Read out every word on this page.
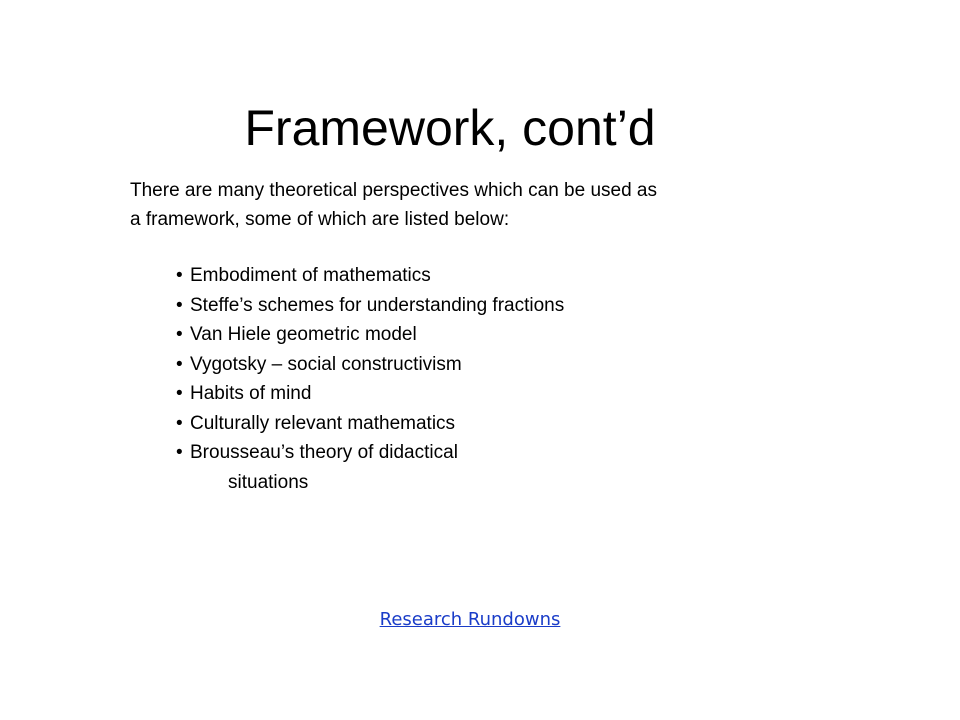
Framework, cont’d

There are many theoretical perspectives which can be used as
a framework, some of which are listed below:

• Embodiment of mathematics
• Steffe’s schemes for understanding fractions
• Van Hiele geometric model
• Vygotsky – social constructivism
• Habits of mind
• Culturally relevant mathematics
• Brousseau’s theory of didactical
situations
Research Rundowns
